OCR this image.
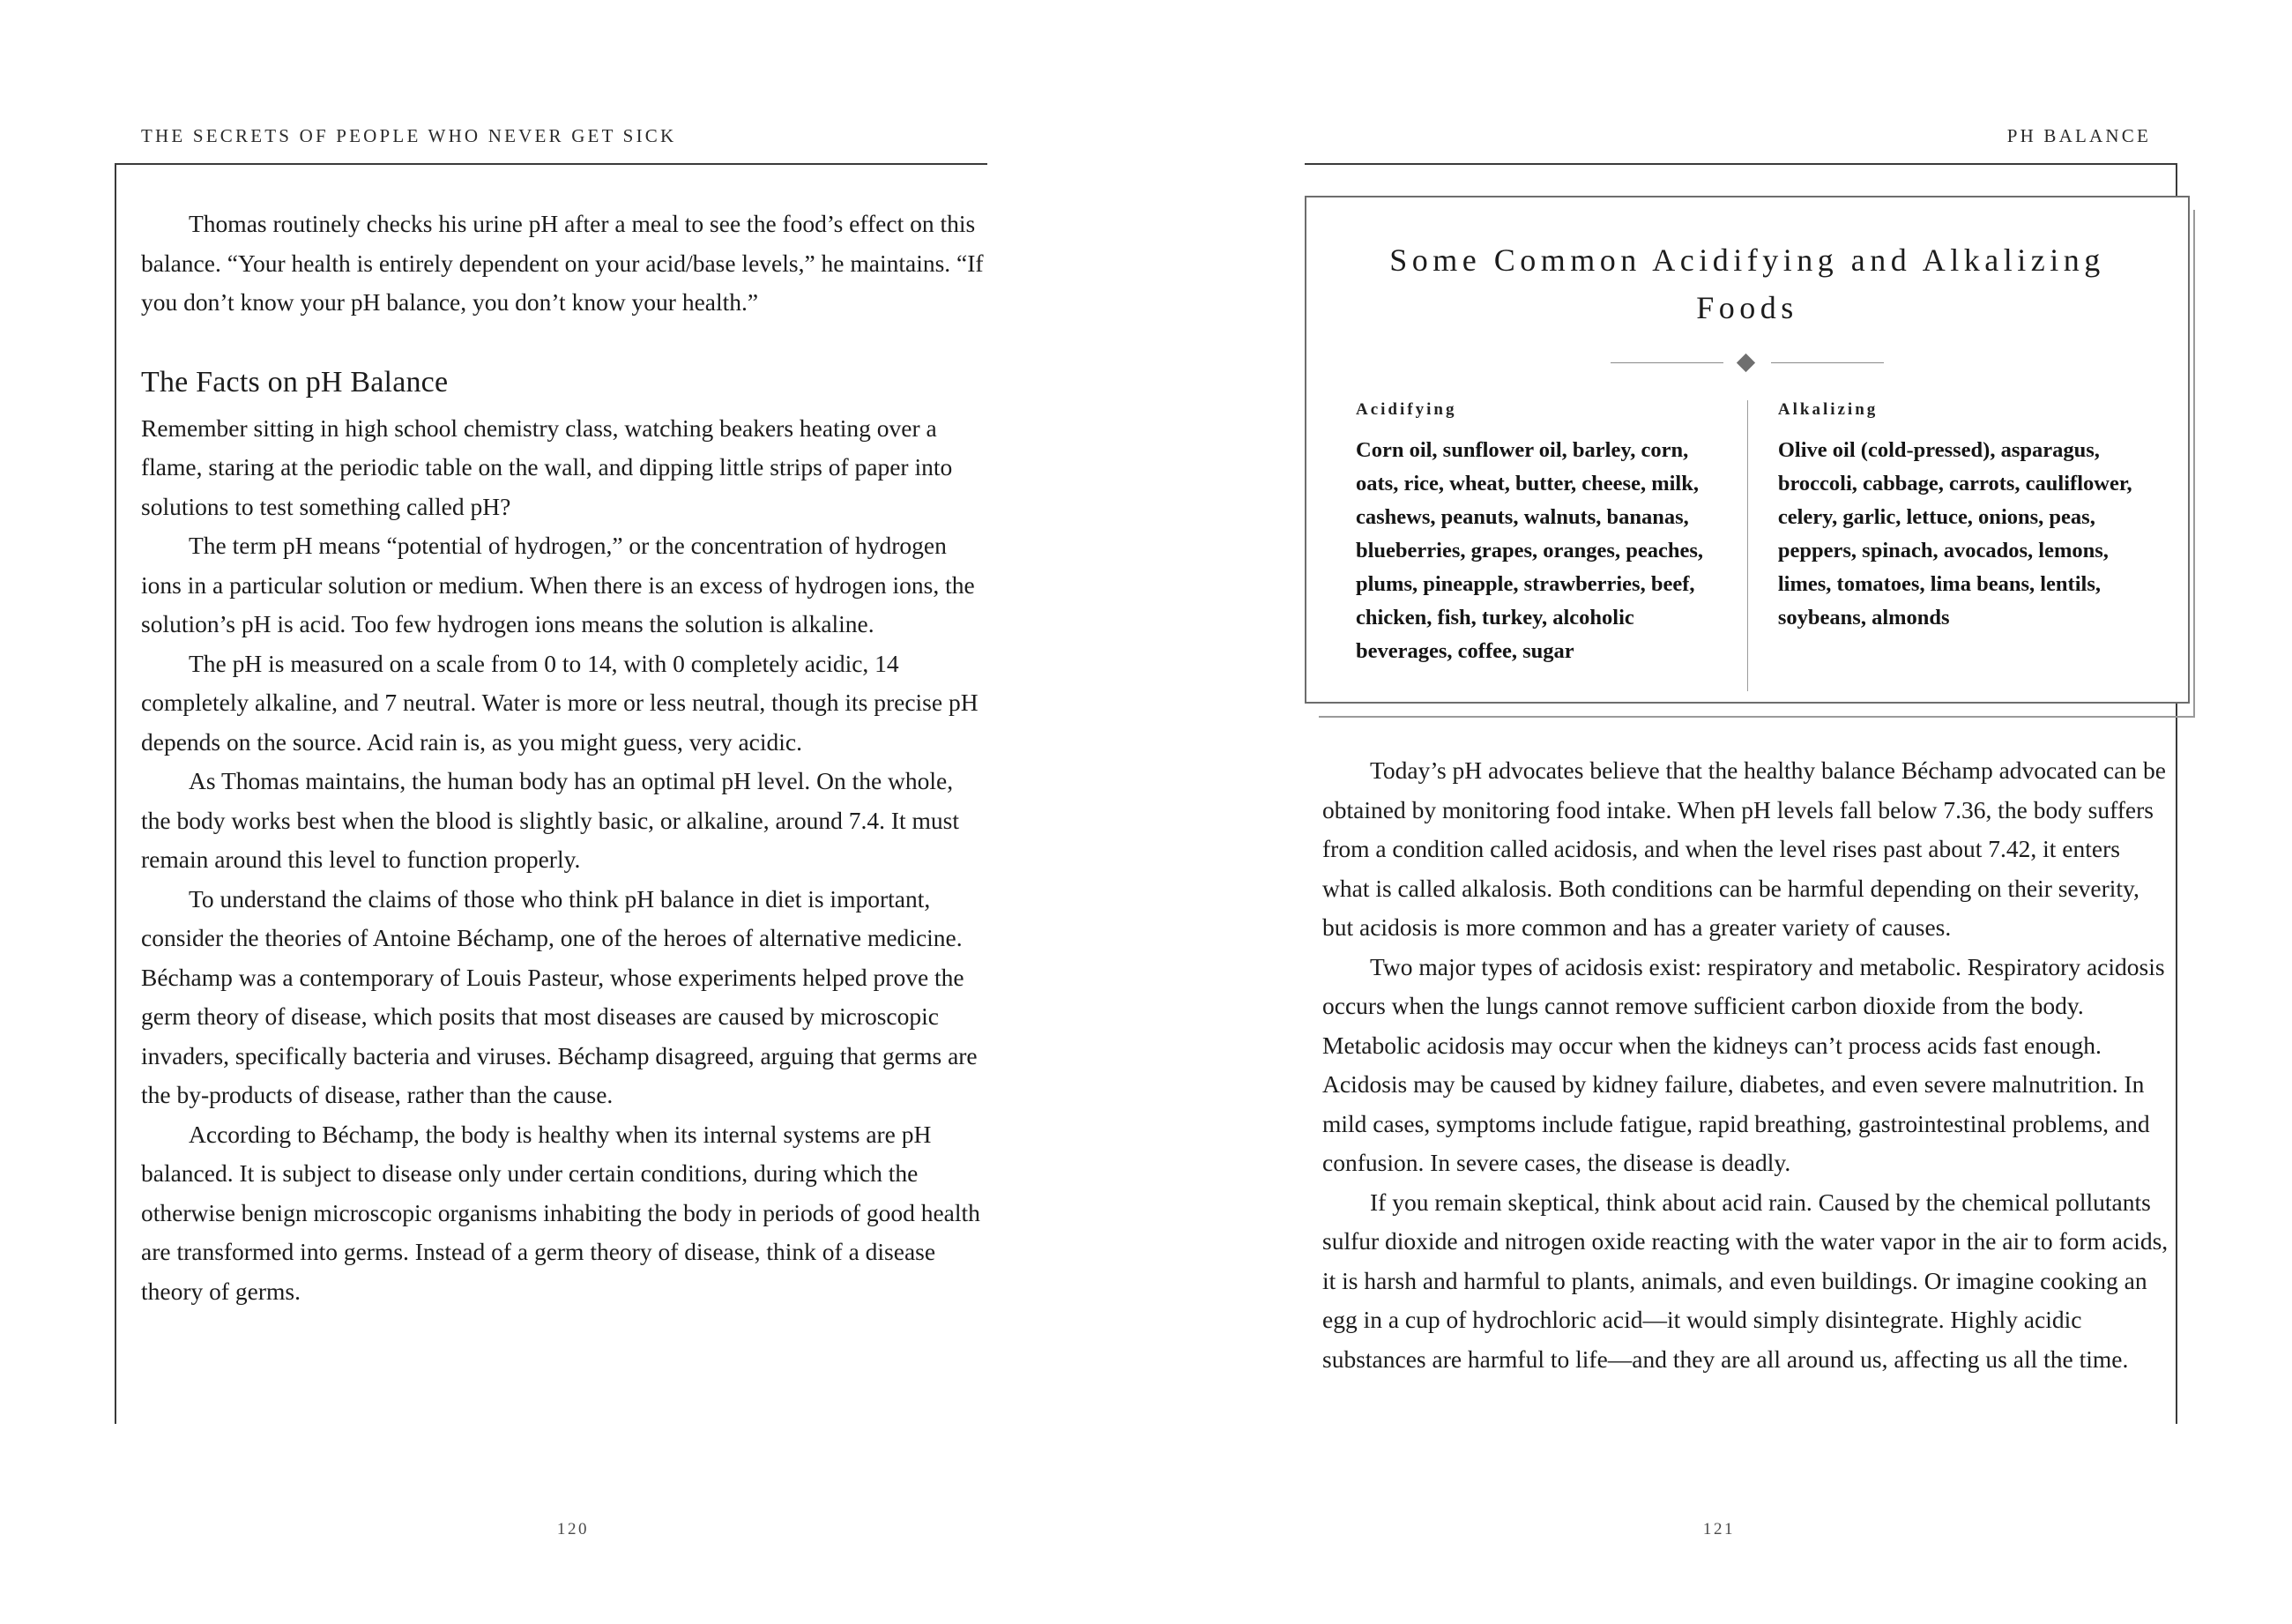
THE SECRETS OF PEOPLE WHO NEVER GET SICK

Thomas routinely checks his urine pH after a meal to see the food’s effect on this balance. “Your health is entirely dependent on your acid/base levels,” he maintains. “If you don’t know your pH balance, you don’t know your health.”

The Facts on pH Balance

Remember sitting in high school chemistry class, watching beakers heating over a flame, staring at the periodic table on the wall, and dipping little strips of paper into solutions to test something called pH?

The term pH means “potential of hydrogen,” or the concentration of hydrogen ions in a particular solution or medium. When there is an excess of hydrogen ions, the solution’s pH is acid. Too few hydrogen ions means the solution is alkaline.

The pH is measured on a scale from 0 to 14, with 0 completely acidic, 14 completely alkaline, and 7 neutral. Water is more or less neutral, though its precise pH depends on the source. Acid rain is, as you might guess, very acidic.

As Thomas maintains, the human body has an optimal pH level. On the whole, the body works best when the blood is slightly basic, or alkaline, around 7.4. It must remain around this level to function properly.

To understand the claims of those who think pH balance in diet is important, consider the theories of Antoine Béchamp, one of the heroes of alternative medicine. Béchamp was a contemporary of Louis Pasteur, whose experiments helped prove the germ theory of disease, which posits that most diseases are caused by microscopic invaders, specifically bacteria and viruses. Béchamp disagreed, arguing that germs are the by-products of disease, rather than the cause.

According to Béchamp, the body is healthy when its internal systems are pH balanced. It is subject to disease only under certain conditions, during which the otherwise benign microscopic organisms inhabiting the body in periods of good health are transformed into germs. Instead of a germ theory of disease, think of a disease theory of germs.

120
PH BALANCE
121
Some Common Acidifying and Alkalizing Foods
Acidifying
Corn oil, sunflower oil, barley, corn, oats, rice, wheat, butter, cheese, milk, cashews, peanuts, walnuts, bananas, blueberries, grapes, oranges, peaches, plums, pineapple, strawberries, beef, chicken, fish, turkey, alcoholic beverages, coffee, sugar
Alkalizing
Olive oil (cold-pressed), asparagus, broccoli, cabbage, carrots, cauliflower, celery, garlic, lettuce, onions, peas, peppers, spinach, avocados, lemons, limes, tomatoes, lima beans, lentils, soybeans, almonds

Today’s pH advocates believe that the healthy balance Béchamp advocated can be obtained by monitoring food intake. When pH levels fall below 7.36, the body suffers from a condition called acidosis, and when the level rises past about 7.42, it enters what is called alkalosis. Both conditions can be harmful depending on their severity, but acidosis is more common and has a greater variety of causes.

Two major types of acidosis exist: respiratory and metabolic. Respiratory acidosis occurs when the lungs cannot remove sufficient carbon dioxide from the body. Metabolic acidosis may occur when the kidneys can’t process acids fast enough. Acidosis may be caused by kidney failure, diabetes, and even severe malnutrition. In mild cases, symptoms include fatigue, rapid breathing, gastrointestinal problems, and confusion. In severe cases, the disease is deadly.

If you remain skeptical, think about acid rain. Caused by the chemical pollutants sulfur dioxide and nitrogen oxide reacting with the water vapor in the air to form acids, it is harsh and harmful to plants, animals, and even buildings. Or imagine cooking an egg in a cup of hydrochloric acid—it would simply disintegrate. Highly acidic substances are harmful to life—and they are all around us, affecting us all the time.
